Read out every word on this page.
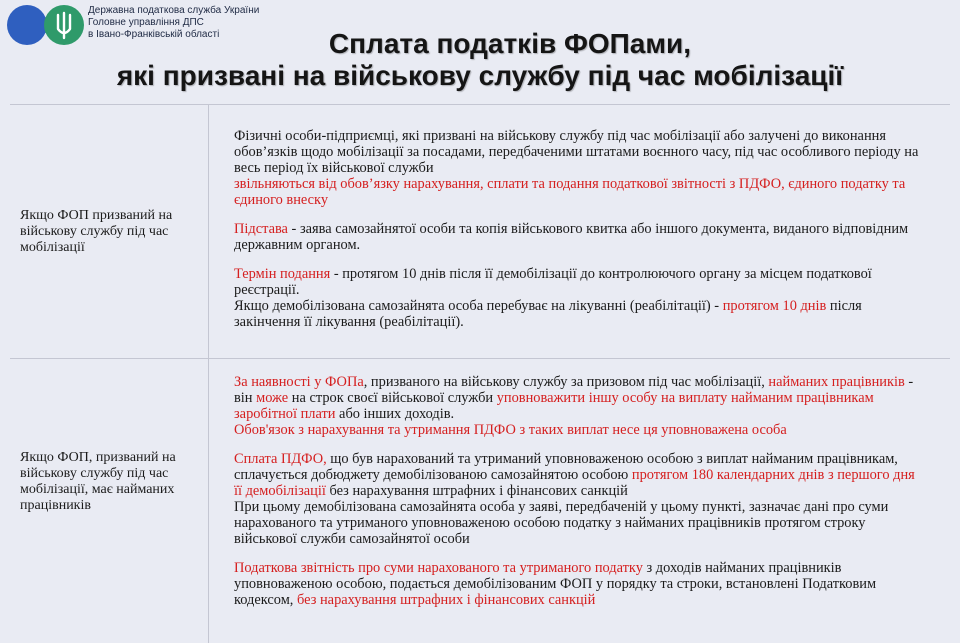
Державна податкова служба України
Головне управління ДПС
в Івано-Франківській області	Сплата податків ФОПами,
які призвані на військову службу під час мобілізації
Якщо ФОП призваний на військову службу під час мобілізації

Фізичні особи-підприємці, які призвані на військову службу під час мобілізації або залучені до виконання обов’язків щодо мобілізації за посадами, передбаченими штатами воєнного часу, під час особливого періоду на весь період їх військової служби
звільняються від обов’язку нарахування, сплати та подання податкової звітності з ПДФО, єдиного податку та єдиного внеску

Підстава - заява самозайнятої особи та копія військового квитка або іншого документа, виданого відповідним державним органом.

Термін подання - протягом 10 днів після її демобілізації до контролюючого органу за місцем податкової реєстрації.
Якщо демобілізована самозайнята особа перебуває на лікуванні (реабілітації) - протягом 10 днів після закінчення її лікування (реабілітації).

Якщо ФОП, призваний на військову службу під час мобілізації, має найманих працівників

За наявності у ФОПа, призваного на військову службу за призовом під час мобілізації, найманих працівників - він може на строк своєї військової служби уповноважити іншу особу на виплату найманим працівникам заробітної плати або інших доходів.
Обов'язок з нарахування та утримання ПДФО з таких виплат несе ця уповноважена особа

Сплата ПДФО, що був нарахований та утриманий уповноваженою особою з виплат найманим працівникам, сплачується добюджету демобілізованою самозайнятою особою протягом 180 календарних днів з першого дня її демобілізації без нарахування штрафних і фінансових санкцій
При цьому демобілізована самозайнята особа у заяві, передбаченій у цьому пункті, зазначає дані про суми нарахованого та утриманого уповноваженою особою податку з найманих працівників протягом строку військової служби самозайнятої особи

Податкова звітність про суми нарахованого та утриманого податку з доходів найманих працівників уповноваженою особою, подається демобілізованим ФОП у порядку та строки, встановлені Податковим кодексом, без нарахування штрафних і фінансових санкцій
